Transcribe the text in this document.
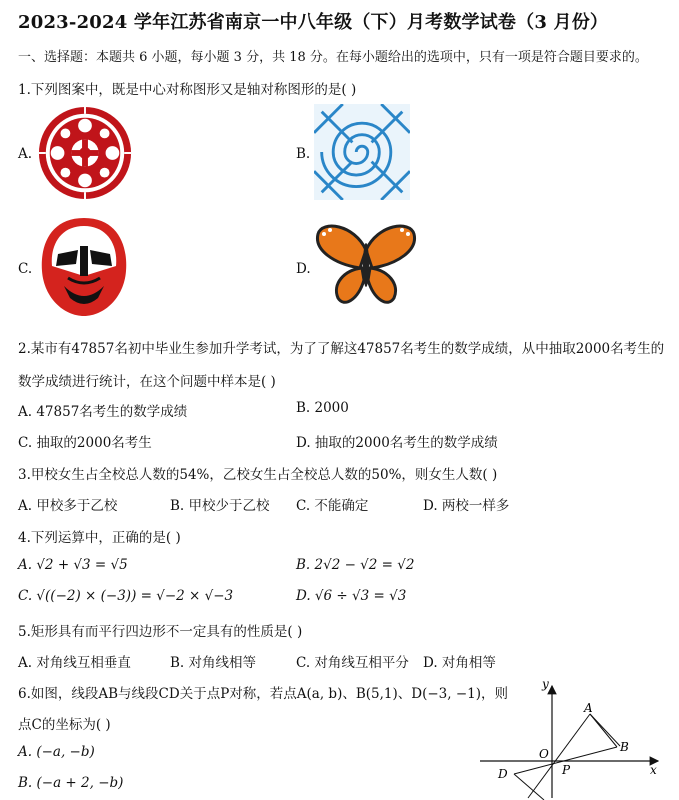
2023-2024 学年江苏省南京一中八年级（下）月考数学试卷（3 月份）
一、选择题：本题共 6 小题，每小题 3 分，共 18 分。在每小题给出的选项中，只有一项是符合题目要求的。
1.下列图案中，既是中心对称图形又是轴对称图形的是( )
A.	B.
C.	D.
2.某市有47857名初中毕业生参加升学考试，为了了解这47857名考生的数学成绩，从中抽取2000名考生的
数学成绩进行统计，在这个问题中样本是( )
A. 47857名考生的数学成绩	B. 2000
C. 抽取的2000名考生	D. 抽取的2000名考生的数学成绩
3.甲校女生占全校总人数的54%，乙校女生占全校总人数的50%，则女生人数( )
A. 甲校多于乙校	B. 甲校少于乙校 C. 不能确定	D. 两校一样多
4.下列运算中，正确的是( )
A. √2 + √3 = √5	B. 2√2 − √2 = √2
C. √((−2) × (−3)) = √−2 × √−3	D. √6 ÷ √3 = √3
5.矩形具有而平行四边形不一定具有的性质是( )
A. 对角线互相垂直	B. 对角线相等	C. 对角线互相平分 D. 对角相等
6.如图，线段AB与线段CD关于点P对称，若点A(a, b)、B(5,1)、D(−3, −1)，则
点C的坐标为( )
A. (−a, −b)
B. (−a + 2, −b)
y
x
O
A
B
D	P
